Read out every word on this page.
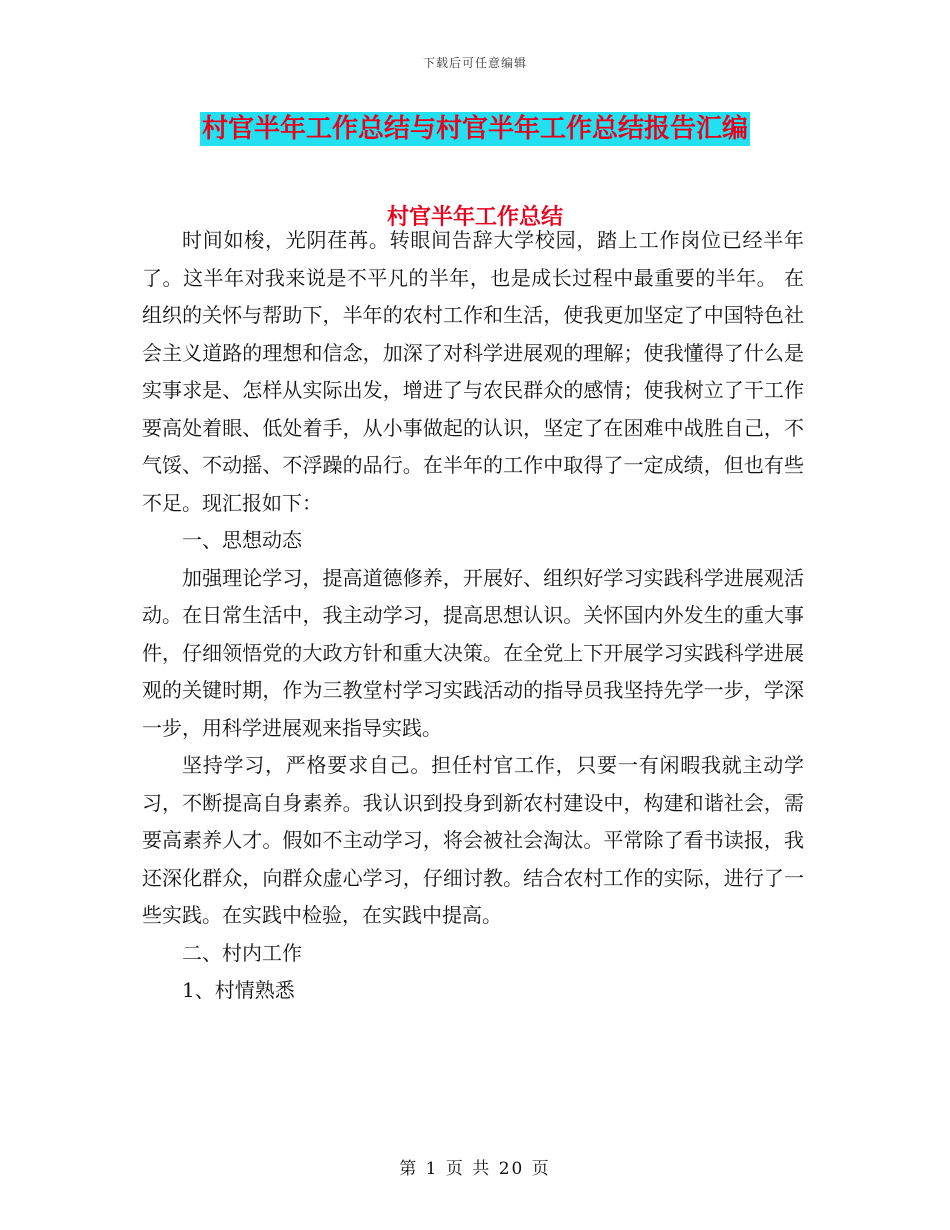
下载后可任意编辑
村官半年工作总结与村官半年工作总结报告汇编
村官半年工作总结

时间如梭，光阴荏苒。转眼间告辞大学校园，踏上工作岗位已经半年了。这半年对我来说是不平凡的半年，也是成长过程中最重要的半年。 在组织的关怀与帮助下，半年的农村工作和生活，使我更加坚定了中国特色社会主义道路的理想和信念，加深了对科学进展观的理解；使我懂得了什么是实事求是、怎样从实际出发，增进了与农民群众的感情；使我树立了干工作要高处着眼、低处着手，从小事做起的认识，坚定了在困难中战胜自己，不气馁、不动摇、不浮躁的品行。在半年的工作中取得了一定成绩，但也有些不足。现汇报如下：

一、思想动态

加强理论学习，提高道德修养，开展好、组织好学习实践科学进展观活动。在日常生活中，我主动学习，提高思想认识。关怀国内外发生的重大事件，仔细领悟党的大政方针和重大决策。在全党上下开展学习实践科学进展观的关键时期，作为三教堂村学习实践活动的指导员我坚持先学一步，学深一步，用科学进展观来指导实践。

坚持学习，严格要求自己。担任村官工作，只要一有闲暇我就主动学习，不断提高自身素养。我认识到投身到新农村建设中，构建和谐社会，需要高素养人才。假如不主动学习，将会被社会淘汰。平常除了看书读报，我还深化群众，向群众虚心学习，仔细讨教。结合农村工作的实际，进行了一些实践。在实践中检验，在实践中提高。

二、村内工作

1、村情熟悉

第 1 页 共 20 页
